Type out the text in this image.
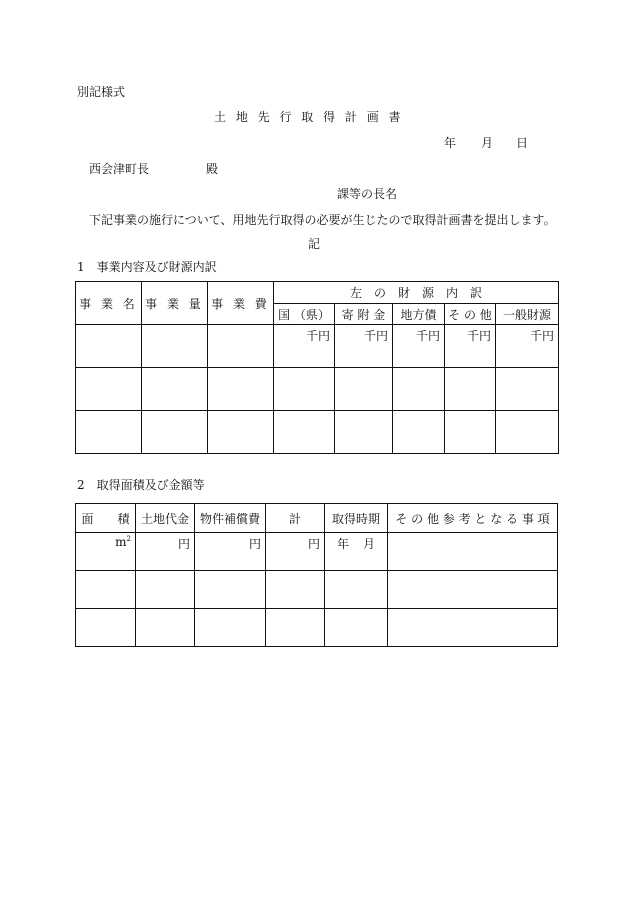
別記様式
土 地 先 行 取 得 計 画 書
年 月 日
西会津町長	殿
課等の長名
下記事業の施行について、用地先行取得の必要が生じたので取得計画書を提出します。
記
1　事業内容及び財源内訳
事 業 名	事 業 量	事 業 費	左　の　財　源　内　訳				
			国 （県）	寄 附 金	地方債	そ の 他	一般財源
			千円	千円	千円	千円	千円

2　取得面積及び金額等
面　　積	土地代金	物件補償費	計	取得時期	そ の 他 参 考 と な る 事 項
$m^2$	円	円	円	年 月	
